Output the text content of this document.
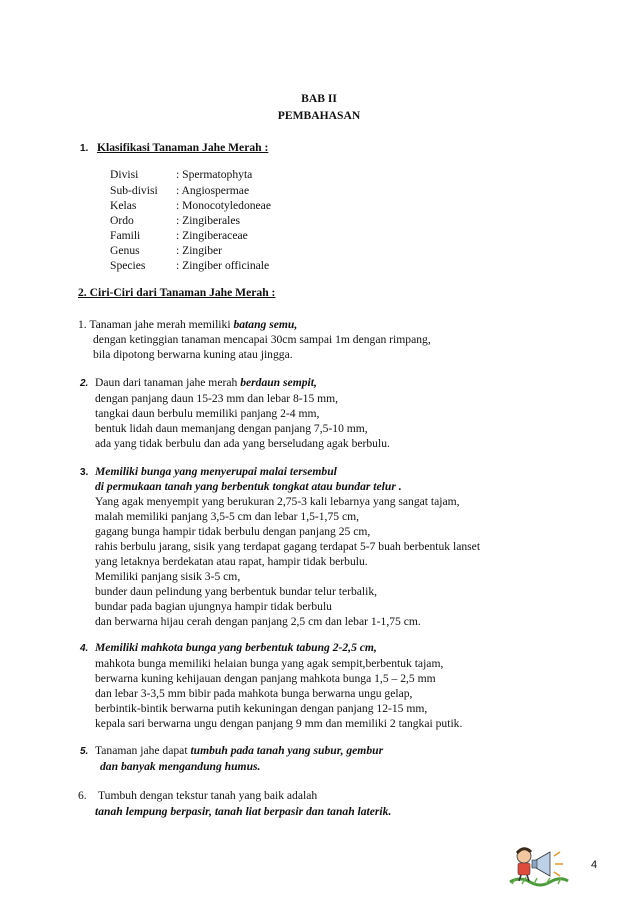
BAB II
PEMBAHASAN
1. Klasifikasi Tanaman Jahe Merah :
Divisi	: Spermatophyta
Sub-divisi : Angiospermae
Kelas	: Monocotyledoneae
Ordo	: Zingiberales
Famili	: Zingiberaceae
Genus	: Zingiber
Species	: Zingiber officinale
2. Ciri-Ciri dari Tanaman Jahe Merah :
1. Tanaman jahe merah memiliki batang semu,
dengan ketinggian tanaman mencapai 30cm sampai 1m dengan rimpang,
bila dipotong berwarna kuning atau jingga.
2. Daun dari tanaman jahe merah berdaun sempit,
dengan panjang daun 15-23 mm dan lebar 8-15 mm,
tangkai daun berbulu memiliki panjang 2-4 mm,
bentuk lidah daun memanjang dengan panjang 7,5-10 mm,
ada yang tidak berbulu dan ada yang berseludang agak berbulu.
3. Memiliki bunga yang menyerupai malai tersembul
di permukaan tanah yang berbentuk tongkat atau bundar telur .
Yang agak menyempit yang berukuran 2,75-3 kali lebarnya yang sangat tajam,
malah memiliki panjang 3,5-5 cm dan lebar 1,5-1,75 cm,
gagang bunga hampir tidak berbulu dengan panjang 25 cm,
rahis berbulu jarang, sisik yang terdapat gagang terdapat 5-7 buah berbentuk lanset
yang letaknya berdekatan atau rapat, hampir tidak berbulu.
Memiliki panjang sisik 3-5 cm,
bunder daun pelindung yang berbentuk bundar telur terbalik,
bundar pada bagian ujungnya hampir tidak berbulu
dan berwarna hijau cerah dengan panjang 2,5 cm dan lebar 1-1,75 cm.
4. Memiliki mahkota bunga yang berbentuk tabung 2-2,5 cm,
mahkota bunga memiliki helaian bunga yang agak sempit,berbentuk tajam,
berwarna kuning kehijauan dengan panjang mahkota bunga 1,5 – 2,5 mm
dan lebar 3-3,5 mm bibir pada mahkota bunga berwarna ungu gelap,
berbintik-bintik berwarna putih kekuningan dengan panjang 12-15 mm,
kepala sari berwarna ungu dengan panjang 9 mm dan memiliki 2 tangkai putik.
5. Tanaman jahe dapat tumbuh pada tanah yang subur, gembur
dan banyak mengandung humus.
6. Tumbuh dengan tekstur tanah yang baik adalah
tanah lempung berpasir, tanah liat berpasir dan tanah laterik.
4
